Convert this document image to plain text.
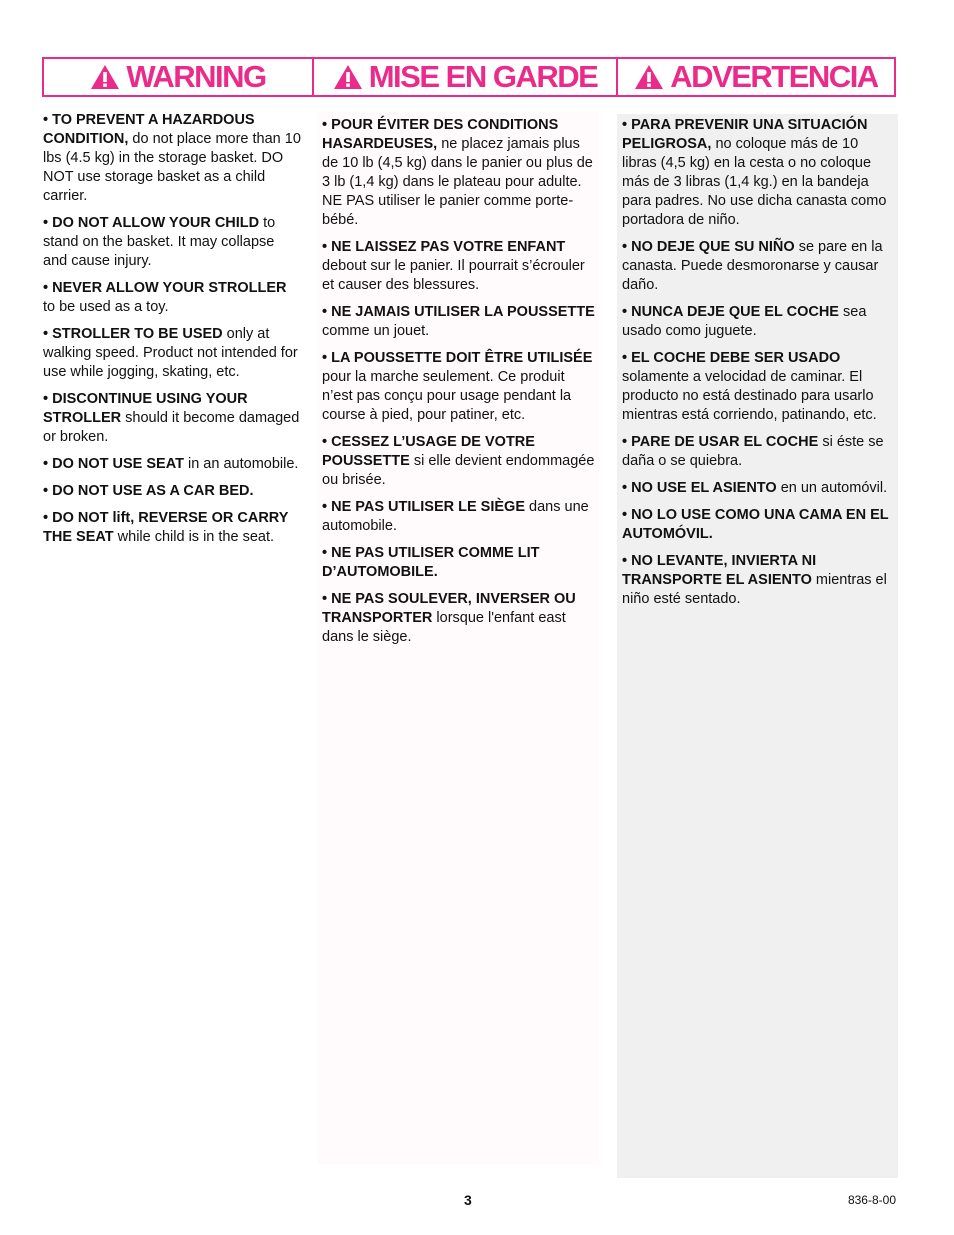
WARNING	MISE EN GARDE ADVERTENCIA

• TO PREVENT A HAZARDOUS CONDITION, do not place more than 10 lbs (4.5 kg) in the storage basket. DO NOT use storage basket as a child carrier.

• DO NOT ALLOW YOUR CHILD to stand on the basket. It may collapse and cause injury.

• NEVER ALLOW YOUR STROLLER to be used as a toy.

• STROLLER TO BE USED only at walking speed. Product not intended for use while jogging, skating, etc.

• DISCONTINUE USING YOUR STROLLER should it become damaged or broken.

• DO NOT USE SEAT in an automobile.

• DO NOT USE AS A CAR BED.

• DO NOT lift, REVERSE OR CARRY THE SEAT while child is in the seat.

• POUR ÉVITER DES CONDITIONS HASARDEUSES, ne placez jamais plus de 10 lb (4,5 kg) dans le panier ou plus de 3 lb (1,4 kg) dans le plateau pour adulte. NE PAS utiliser le panier comme porte-bébé.

• NE LAISSEZ PAS VOTRE ENFANT debout sur le panier. Il pourrait s’écrouler et causer des blessures.

• NE JAMAIS UTILISER LA POUSSETTE comme un jouet.

• LA POUSSETTE DOIT ÊTRE UTILISÉE pour la marche seulement. Ce produit n’est pas conçu pour usage pendant la course à pied, pour patiner, etc.

• CESSEZ L’USAGE DE VOTRE POUSSETTE si elle devient endommagée ou brisée.

• NE PAS UTILISER LE SIÈGE dans une automobile.

• NE PAS UTILISER COMME LIT D’AUTOMOBILE.

• NE PAS SOULEVER, INVERSER OU TRANSPORTER lorsque l'enfant east dans le siège.

• PARA PREVENIR UNA SITUACIÓN PELIGROSA, no coloque más de 10 libras (4,5 kg) en la cesta o no coloque más de 3 libras (1,4 kg.) en la bandeja para padres. No use dicha canasta como portadora de niño.

• NO DEJE QUE SU NIÑO se pare en la canasta. Puede desmoronarse y causar daño.

• NUNCA DEJE QUE EL COCHE sea usado como juguete.

• EL COCHE DEBE SER USADO solamente a velocidad de caminar. El producto no está destinado para usarlo mientras está corriendo, patinando, etc.

• PARE DE USAR EL COCHE si éste se daña o se quiebra.

• NO USE EL ASIENTO en un automóvil.

• NO LO USE COMO UNA CAMA EN EL AUTOMÓVIL.

• NO LEVANTE, INVIERTA NI TRANSPORTE EL ASIENTO mientras el niño esté sentado.

3	836-8-00
